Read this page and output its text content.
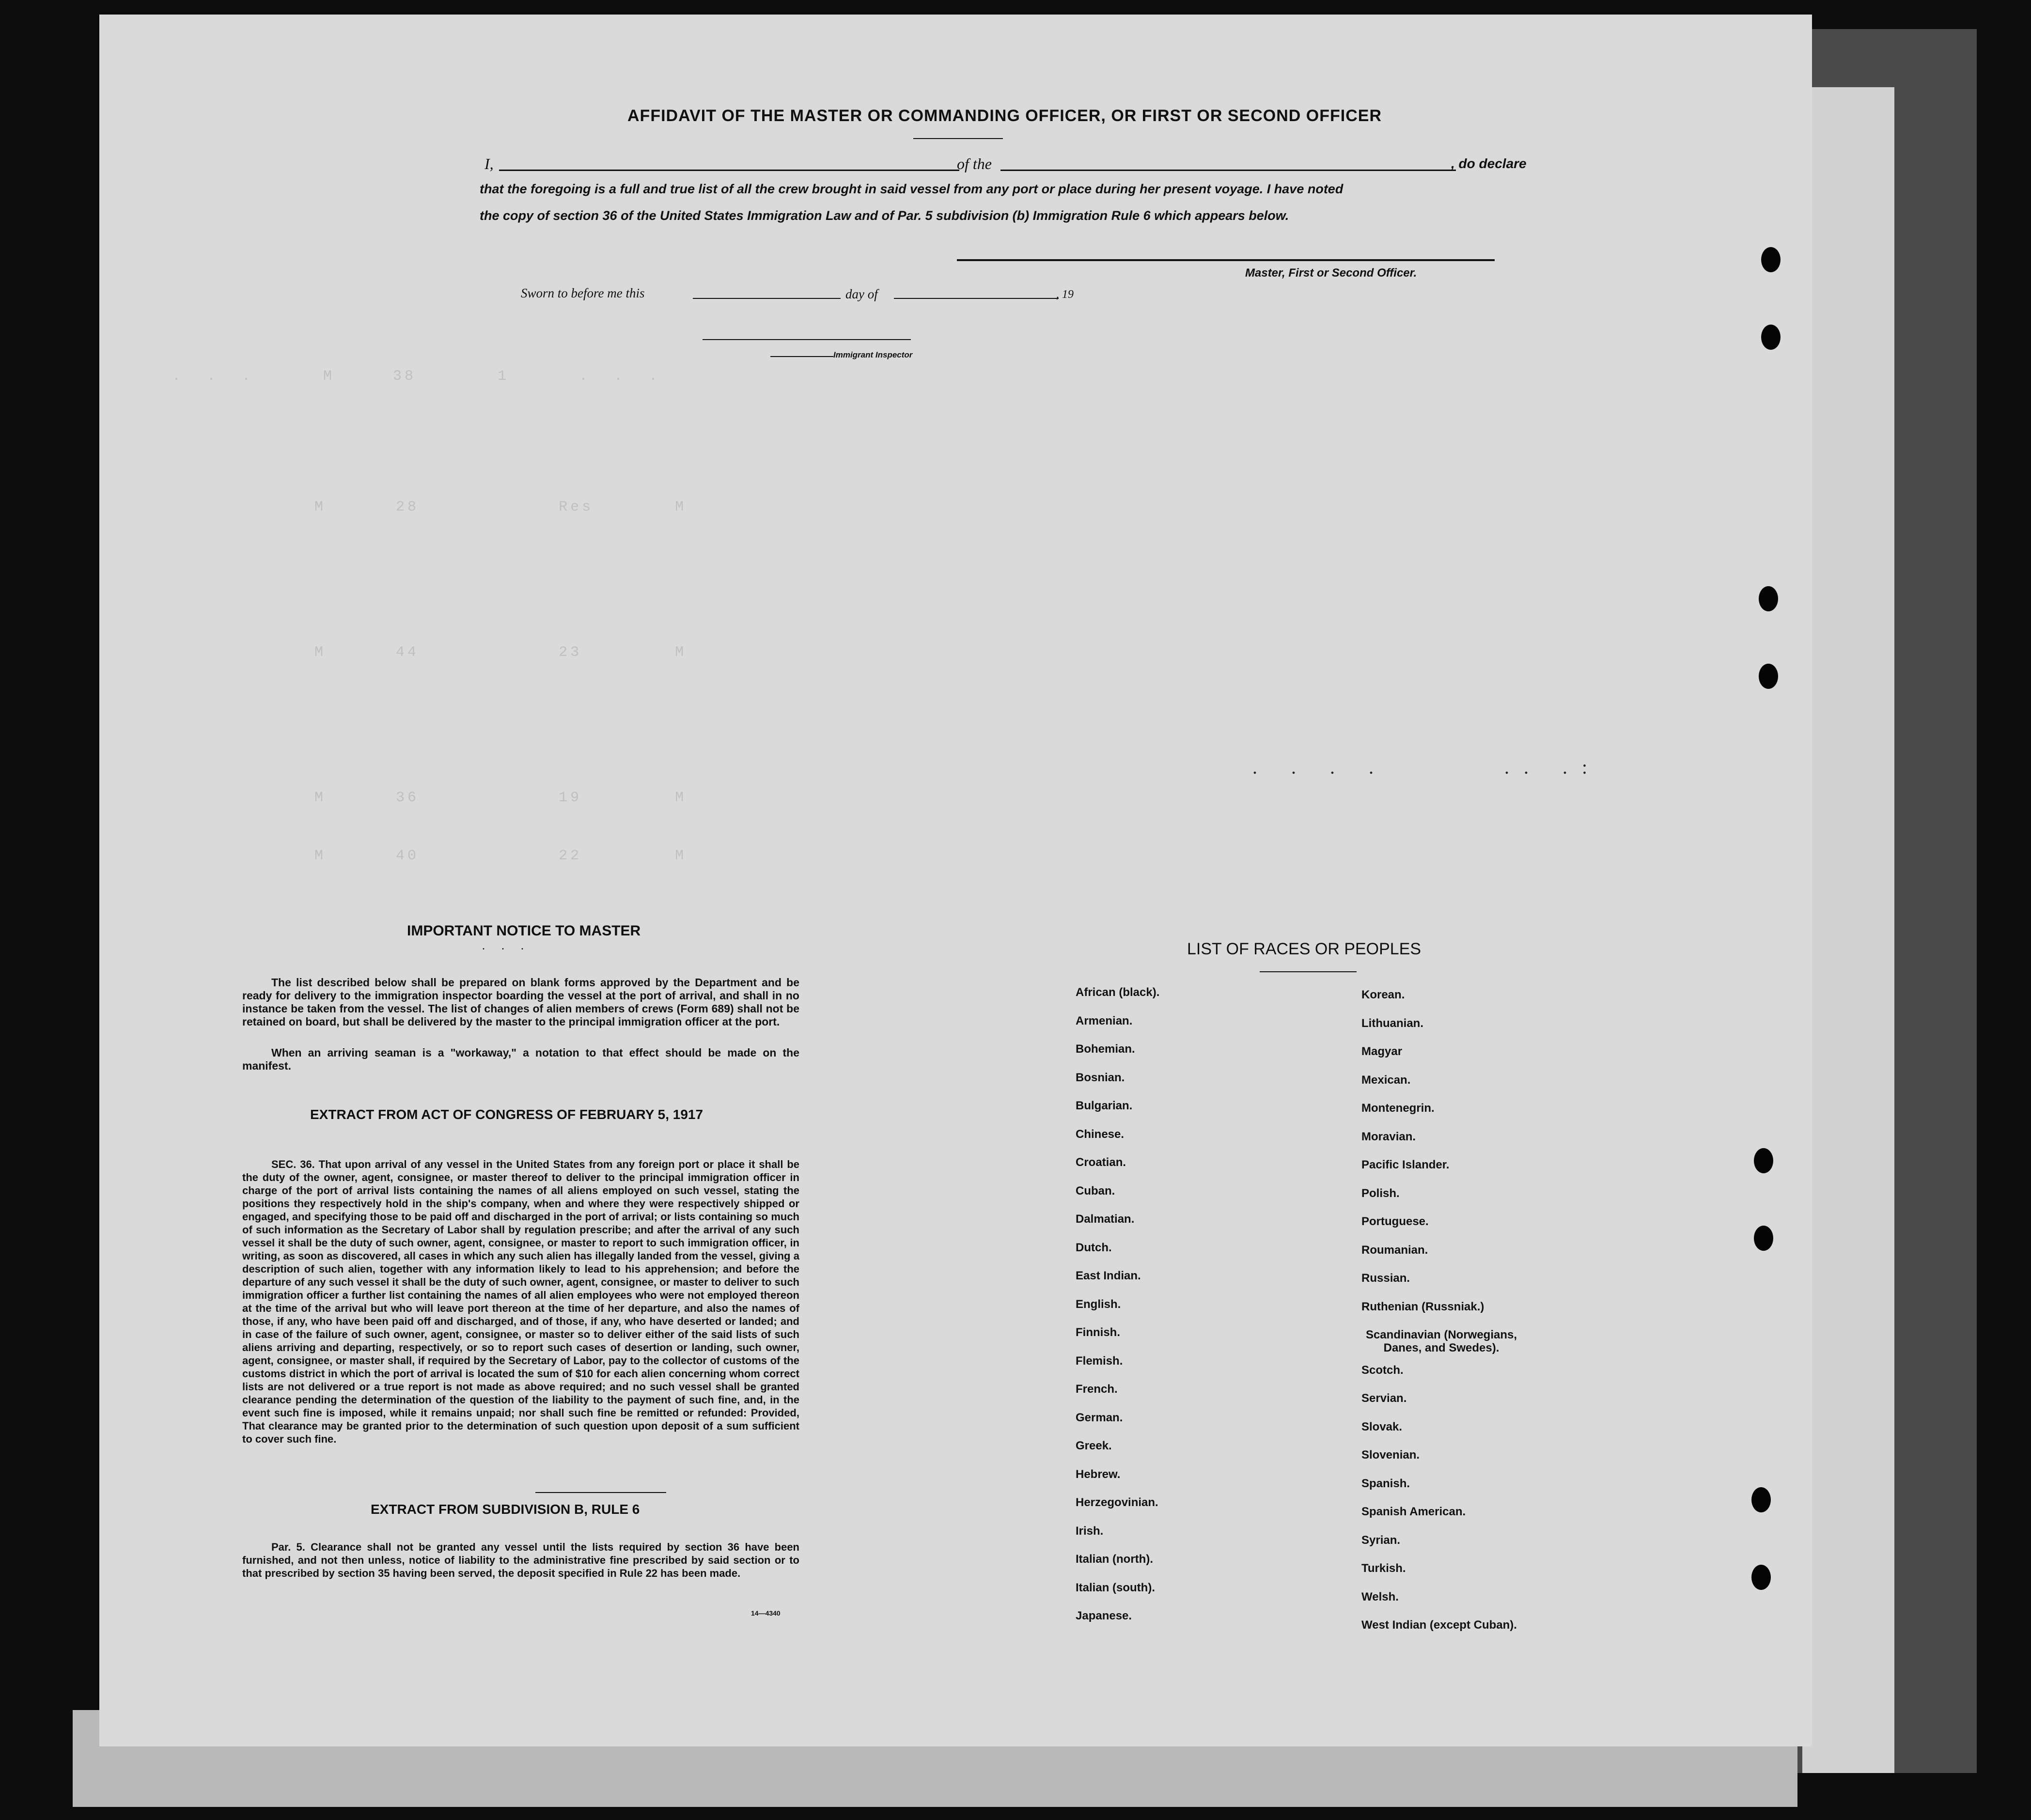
.  .  .      M     38       1      .  .  .
M      28            Res       M
M      44            23        M
M      36            19        M
M      40            22        M
AFFIDAVIT OF THE MASTER OR COMMANDING OFFICER, OR FIRST OR SECOND OFFICER
I,	of the	, do declare
that the foregoing is a full and true list of all the crew brought in said vessel from any port or place during her present voyage. I have noted
the copy of section 36 of the United States Immigration Law and of Par. 5 subdivision (b) Immigration Rule 6 which appears below.
Master, First or Second Officer.
Sworn to before me this	day of	, 19
Immigrant Inspector
. . . .	.. .:
IMPORTANT NOTICE TO MASTER
. . .
The list described below shall be prepared on blank forms approved by the Department and be ready for delivery to the immigration inspector boarding the vessel at the port of arrival, and shall in no instance be taken from the vessel. The list of changes of alien members of crews (Form 689) shall not be retained on board, but shall be delivered by the master to the principal immigration officer at the port.
When an arriving seaman is a "workaway," a notation to that effect should be made on the manifest.
EXTRACT FROM ACT OF CONGRESS OF FEBRUARY 5, 1917
SEC. 36. That upon arrival of any vessel in the United States from any foreign port or place it shall be the duty of the owner, agent, consignee, or master thereof to deliver to the principal immigration officer in charge of the port of arrival lists containing the names of all aliens employed on such vessel, stating the positions they respectively hold in the ship's company, when and where they were respectively shipped or engaged, and specifying those to be paid off and discharged in the port of arrival; or lists containing so much of such information as the Secretary of Labor shall by regulation prescribe; and after the arrival of any such vessel it shall be the duty of such owner, agent, consignee, or master to report to such immigration officer, in writing, as soon as discovered, all cases in which any such alien has illegally landed from the vessel, giving a description of such alien, together with any information likely to lead to his apprehension; and before the departure of any such vessel it shall be the duty of such owner, agent, consignee, or master to deliver to such immigration officer a further list containing the names of all alien employees who were not employed thereon at the time of the arrival but who will leave port thereon at the time of her departure, and also the names of those, if any, who have been paid off and discharged, and of those, if any, who have deserted or landed; and in case of the failure of such owner, agent, consignee, or master so to deliver either of the said lists of such aliens arriving and departing, respectively, or so to report such cases of desertion or landing, such owner, agent, consignee, or master shall, if required by the Secretary of Labor, pay to the collector of customs of the customs district in which the port of arrival is located the sum of $10 for each alien concerning whom correct lists are not delivered or a true report is not made as above required; and no such vessel shall be granted clearance pending the determination of the question of the liability to the payment of such fine, and, in the event such fine is imposed, while it remains unpaid; nor shall such fine be remitted or refunded: Provided, That clearance may be granted prior to the determination of such question upon deposit of a sum sufficient to cover such fine.
EXTRACT FROM SUBDIVISION B, RULE 6
Par. 5. Clearance shall not be granted any vessel until the lists required by section 36 have been furnished, and not then unless, notice of liability to the administrative fine prescribed by said section or to that prescribed by section 35 having been served, the deposit specified in Rule 22 has been made.
14—4340
LIST OF RACES OR PEOPLES
African (black).
Armenian.
Bohemian.
Bosnian.
Bulgarian.
Chinese.
Croatian.
Cuban.
Dalmatian.
Dutch.
East Indian.
English.
Finnish.
Flemish.
French.
German.
Greek.
Hebrew.
Herzegovinian.
Irish.
Italian (north).
Italian (south).
Japanese.
Korean.
Lithuanian.
Magyar
Mexican.
Montenegrin.
Moravian.
Pacific Islander.
Polish.
Portuguese.
Roumanian.
Russian.
Ruthenian (Russniak.)
Scandinavian (Norwegians, Danes, and Swedes).
Scotch.
Servian.
Slovak.
Slovenian.
Spanish.
Spanish American.
Syrian.
Turkish.
Welsh.
West Indian (except Cuban).
